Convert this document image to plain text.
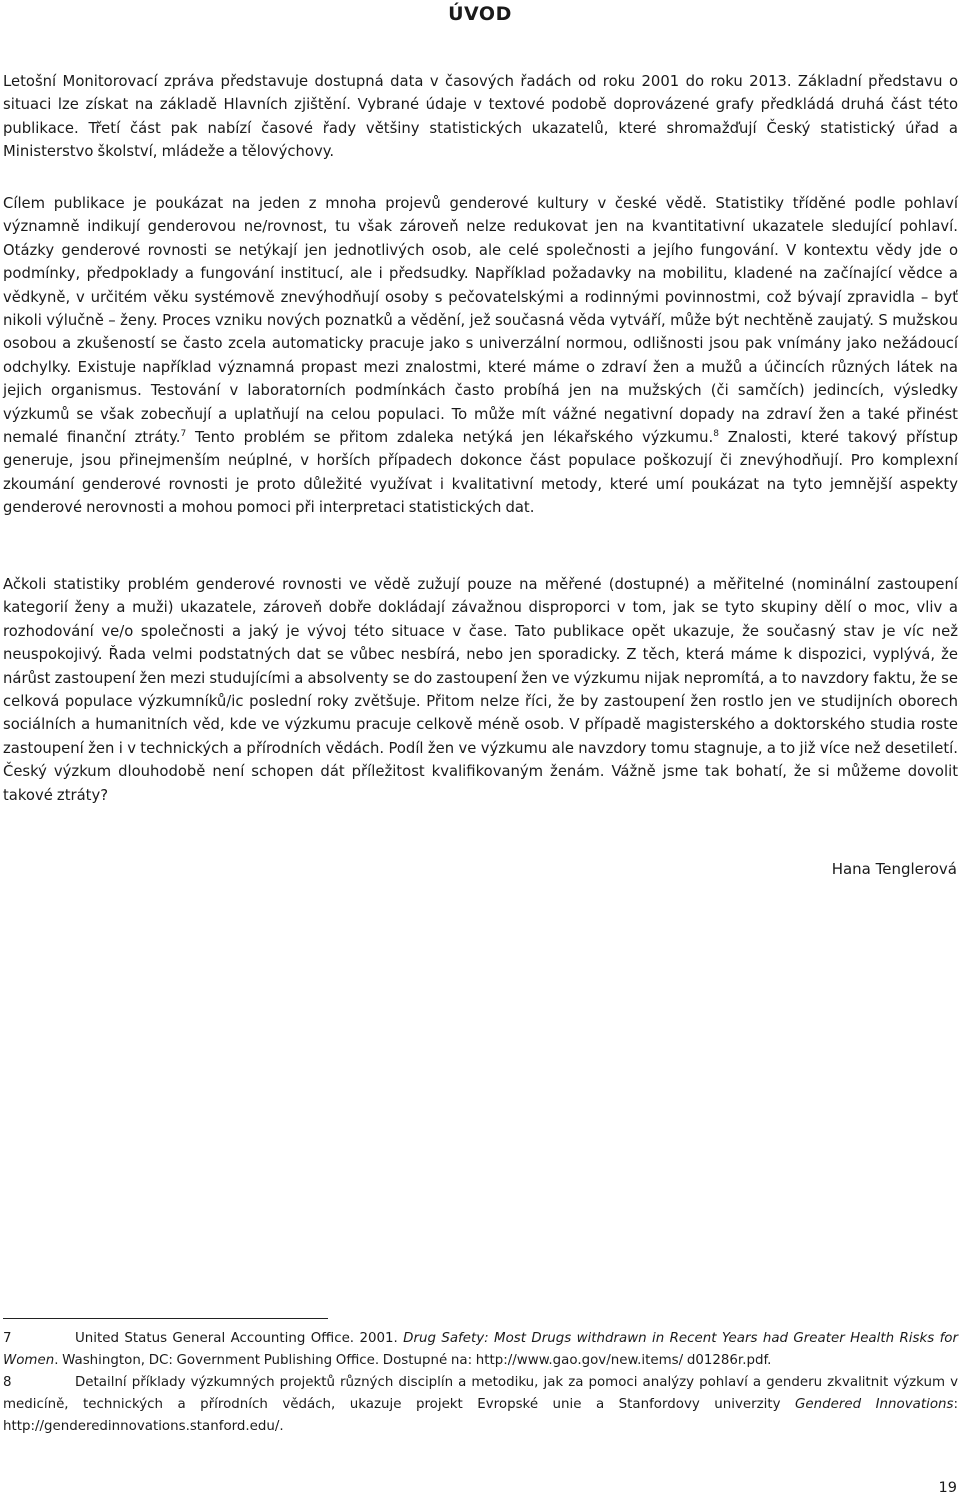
ÚVOD

Letošní Monitorovací zpráva představuje dostupná data v časových řadách od roku 2001 do roku 2013. Základní představu o situaci lze získat na základě Hlavních zjištění. Vybrané údaje v textové podobě doprovázené grafy předkládá druhá část této publikace. Třetí část pak nabízí časové řady většiny statistických ukazatelů, které shromažďují Český statistický úřad a Ministerstvo školství, mládeže a tělovýchovy.

Cílem publikace je poukázat na jeden z mnoha projevů genderové kultury v české vědě. Statistiky tříděné podle pohlaví významně indikují genderovou ne/rovnost, tu však zároveň nelze redukovat jen na kvantitativní ukazatele sledující pohlaví. Otázky genderové rovnosti se netýkají jen jednotlivých osob, ale celé společnosti a jejího fungování. V kontextu vědy jde o podmínky, předpoklady a fungování institucí, ale i předsudky. Například požadavky na mobilitu, kladené na začínající vědce a vědkyně, v určitém věku systémově znevýhodňují osoby s pečovatelskými a rodinnými povinnostmi, což bývají zpravidla – byť nikoli výlučně – ženy. Proces vzniku nových poznatků a vědění, jež současná věda vytváří, může být nechtěně zaujatý. S mužskou osobou a zkušeností se často zcela automaticky pracuje jako s univerzální normou, odlišnosti jsou pak vnímány jako nežádoucí odchylky. Existuje například významná propast mezi znalostmi, které máme o zdraví žen a mužů a účincích různých látek na jejich organismus. Testování v laboratorních podmínkách často probíhá jen na mužských (či samčích) jedincích, výsledky výzkumů se však zobecňují a uplatňují na celou populaci. To může mít vážné negativní dopady na zdraví žen a také přinést nemalé finanční ztráty.$^7$ Tento problém se přitom zdaleka netýká jen lékařského výzkumu.$^8$ Znalosti, které takový přístup generuje, jsou přinejmenším neúplné, v horších případech dokonce část populace poškozují či znevýhodňují. Pro komplexní zkoumání genderové rovnosti je proto důležité využívat i kvalitativní metody, které umí poukázat na tyto jemnější aspekty genderové nerovnosti a mohou pomoci při interpretaci statistických dat.

Ačkoli statistiky problém genderové rovnosti ve vědě zužují pouze na měřené (dostupné) a měřitelné (nominální zastoupení kategorií ženy a muži) ukazatele, zároveň dobře dokládají závažnou disproporci v tom, jak se tyto skupiny dělí o moc, vliv a rozhodování ve/o společnosti a jaký je vývoj této situace v čase. Tato publikace opět ukazuje, že současný stav je víc než neuspokojivý. Řada velmi podstatných dat se vůbec nesbírá, nebo jen sporadicky. Z těch, která máme k dispozici, vyplývá, že nárůst zastoupení žen mezi studujícími a absolventy se do zastoupení žen ve výzkumu nijak nepromítá, a to navzdory faktu, že se celková populace výzkumníků/ic poslední roky zvětšuje. Přitom nelze říci, že by zastoupení žen rostlo jen ve studijních oborech sociálních a humanitních věd, kde ve výzkumu pracuje celkově méně osob. V případě magisterského a doktorského studia roste zastoupení žen i v technických a přírodních vědách. Podíl žen ve výzkumu ale navzdory tomu stagnuje, a to již více než desetiletí. Český výzkum dlouhodobě není schopen dát příležitost kvalifikovaným ženám. Vážně jsme tak bohatí, že si můžeme dovolit takové ztráty?

Hana Tenglerová

7	United Status General Accounting Office. 2001. Drug Safety: Most Drugs withdrawn in Recent Years had Greater Health Risks for Women. Washington, DC: Government Publishing Office. Dostupné na: http://www.gao.gov/new.items/ d01286r.pdf.

8	Detailní příklady výzkumných projektů různých disciplín a metodiku, jak za pomoci analýzy pohlaví a genderu zkvalitnit výzkum v medicíně, technických a přírodních vědách, ukazuje projekt Evropské unie a Stanfordovy univerzity Gendered Innovations: http://genderedinnovations.stanford.edu/.

19
